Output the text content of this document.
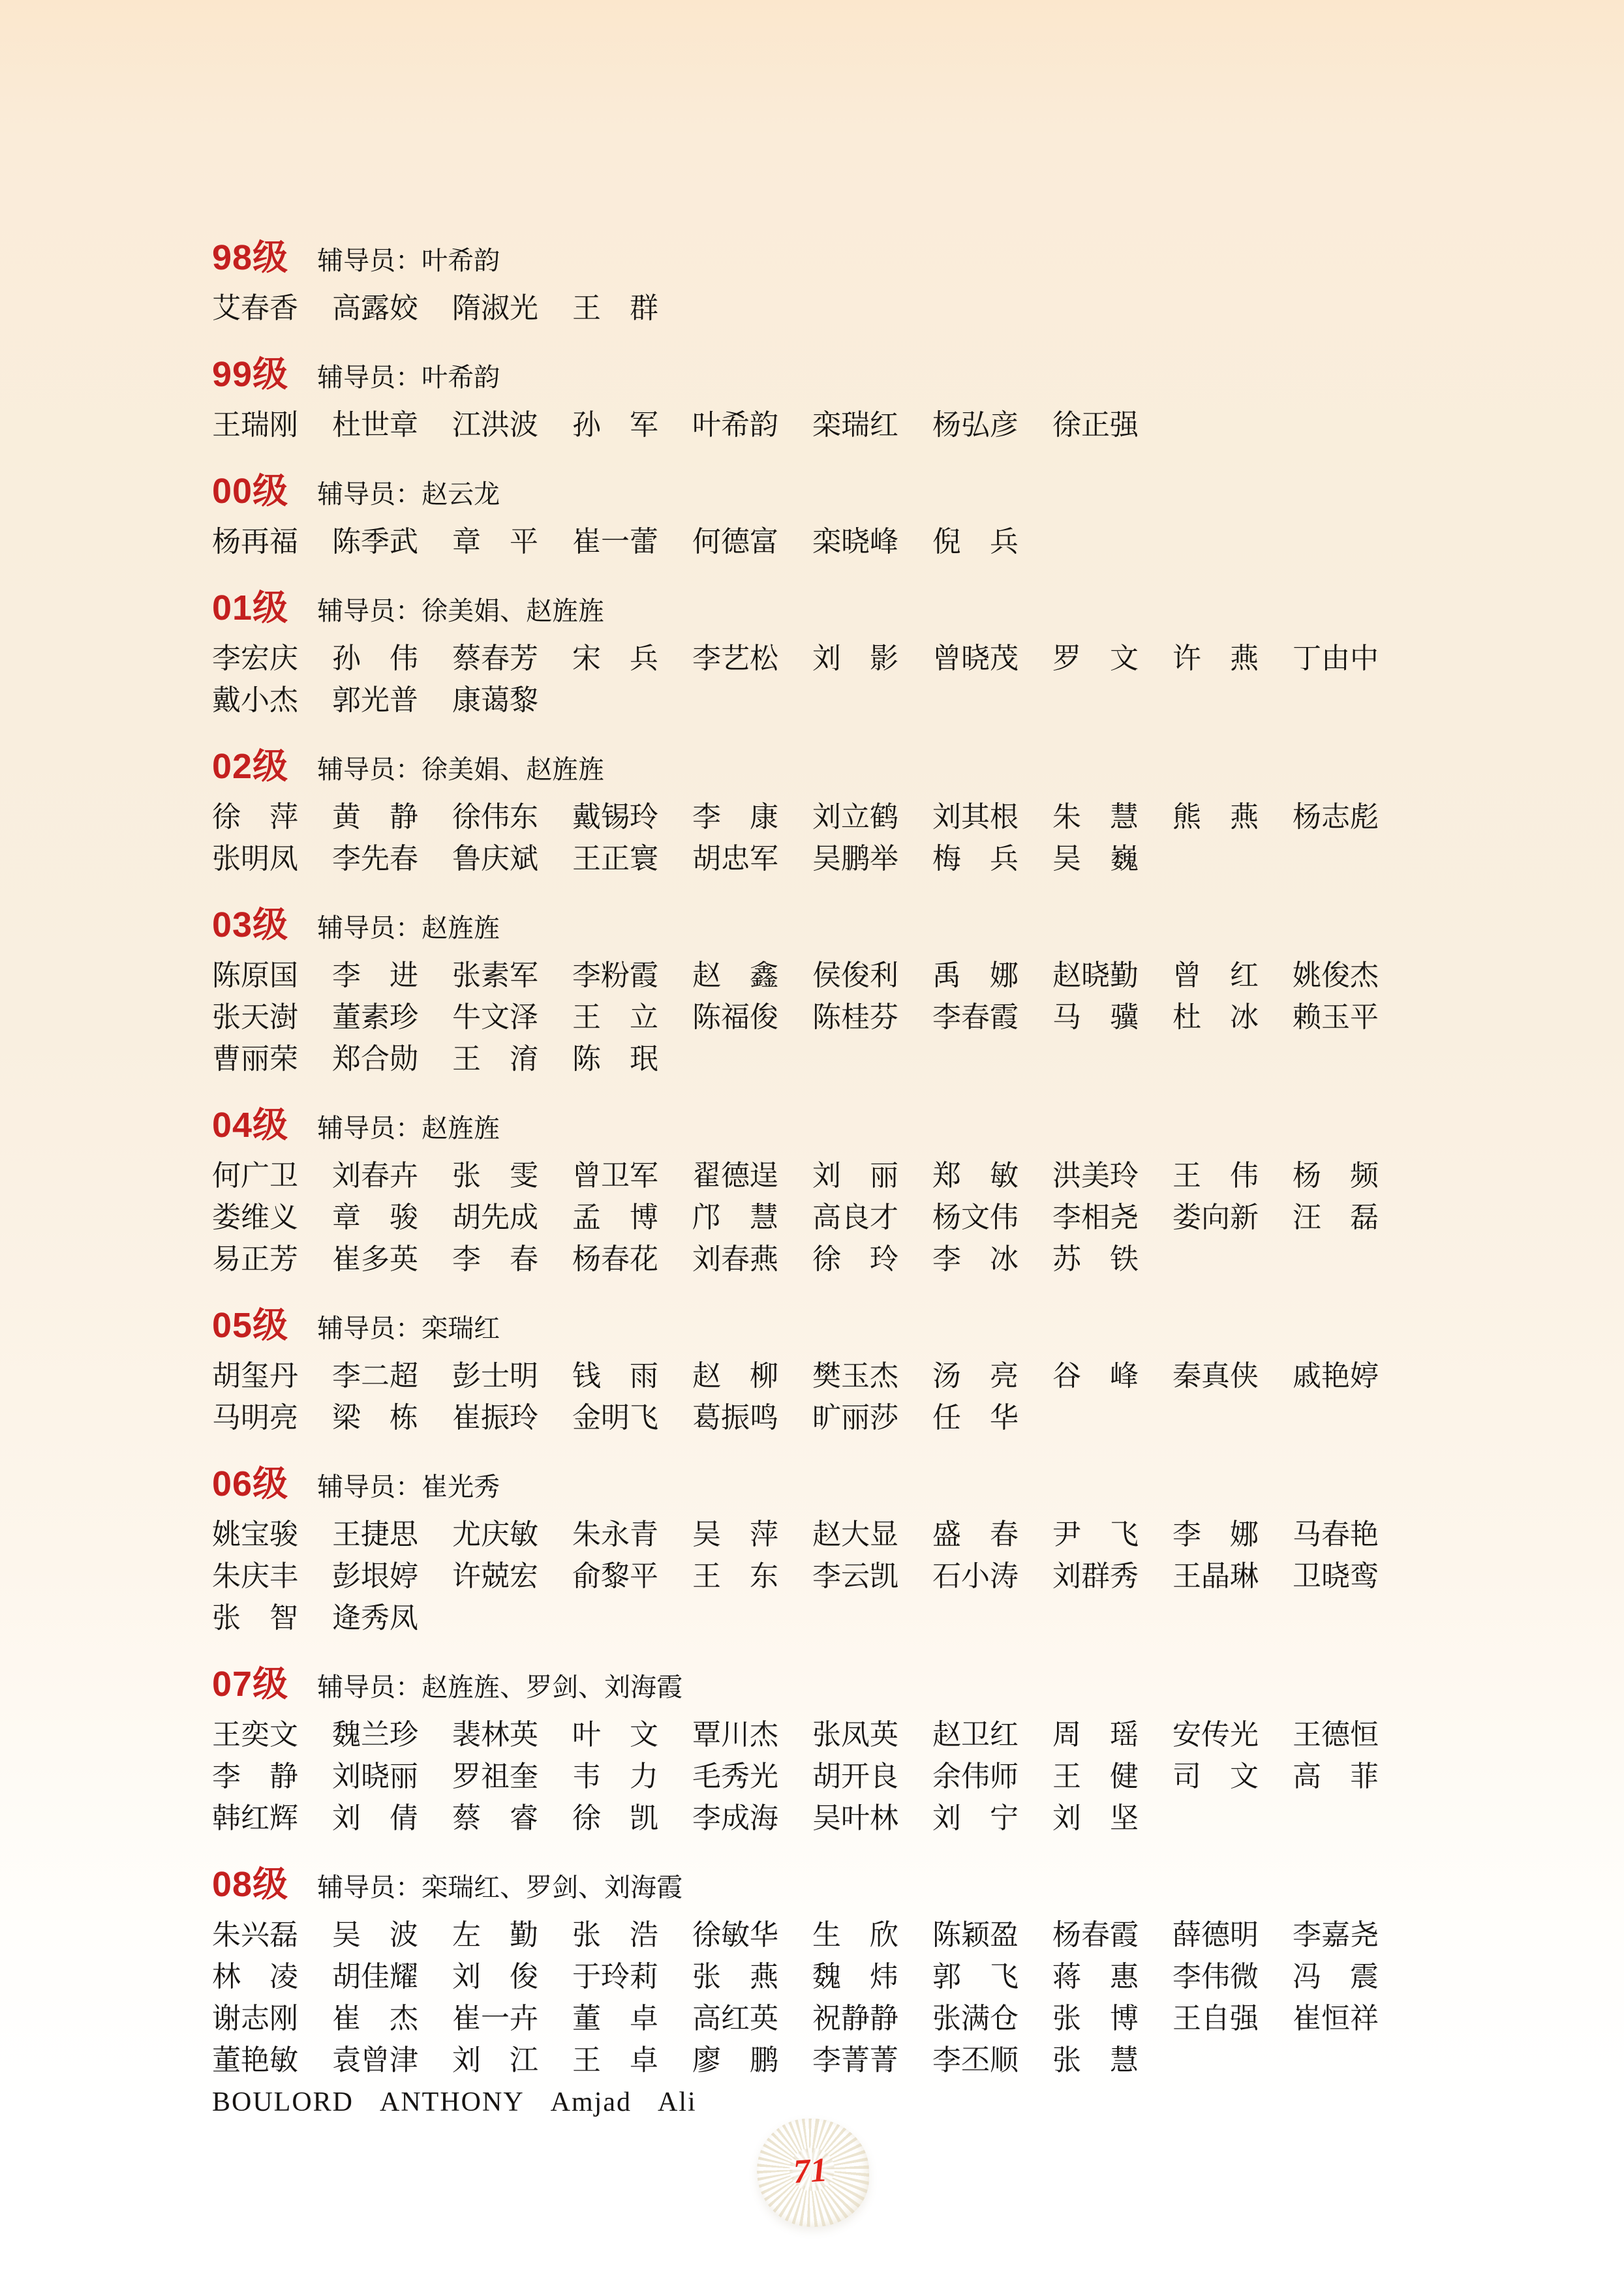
98级 辅导员：叶希韵
艾春香 高露姣 隋淑光 王　群
99级 辅导员：叶希韵
王瑞刚 杜世章 江洪波 孙　军 叶希韵 栾瑞红 杨弘彦 徐正强
00级 辅导员：赵云龙
杨再福 陈季武 章　平 崔一蕾 何德富 栾晓峰 倪　兵
01级 辅导员：徐美娟、赵旌旌
李宏庆 孙　伟 蔡春芳 宋　兵 李艺松 刘　影 曾晓茂 罗　文 许　燕 丁由中
戴小杰 郭光普 康蔼黎
02级 辅导员：徐美娟、赵旌旌
徐　萍 黄　静 徐伟东 戴锡玲 李　康 刘立鹤 刘其根 朱　慧 熊　燕 杨志彪
张明凤 李先春 鲁庆斌 王正寰 胡忠军 吴鹏举 梅　兵 吴　巍
03级 辅导员：赵旌旌
陈原国 李　进 张素军 李粉霞 赵　鑫 侯俊利 禹　娜 赵晓勤 曾　红 姚俊杰
张天澍 董素珍 牛文泽 王　立 陈福俊 陈桂芬 李春霞 马　骥 杜　冰 赖玉平
曹丽荣 郑合勋 王　淯 陈　珉
04级 辅导员：赵旌旌
何广卫 刘春卉 张　雯 曾卫军 翟德逞 刘　丽 郑　敏 洪美玲 王　伟 杨　频
娄维义 章　骏 胡先成 孟　博 邝　慧 高良才 杨文伟 李相尧 娄向新 汪　磊
易正芳 崔多英 李　春 杨春花 刘春燕 徐　玲 李　冰 苏　铁
05级 辅导员：栾瑞红
胡玺丹 李二超 彭士明 钱　雨 赵　柳 樊玉杰 汤　亮 谷　峰 秦真侠 戚艳婷
马明亮 梁　栋 崔振玲 金明飞 葛振鸣 旷丽莎 任　华
06级 辅导员：崔光秀
姚宝骏 王捷思 尤庆敏 朱永青 吴　萍 赵大显 盛　春 尹　飞 李　娜 马春艳
朱庆丰 彭垠婷 许兢宏 俞黎平 王　东 李云凯 石小涛 刘群秀 王晶琳 卫晓鸾
张　智 逄秀凤
07级 辅导员：赵旌旌、罗剑、刘海霞
王奕文 魏兰珍 裴林英 叶　文 覃川杰 张凤英 赵卫红 周　瑶 安传光 王德恒
李　静 刘晓丽 罗祖奎 韦　力 毛秀光 胡开良 余伟师 王　健 司　文 高　菲
韩红辉 刘　倩 蔡　睿 徐　凯 李成海 吴叶林 刘　宁 刘　坚
08级 辅导员：栾瑞红、罗剑、刘海霞
朱兴磊 吴　波 左　勤 张　浩 徐敏华 生　欣 陈颖盈 杨春霞 薛德明 李嘉尧
林　凌 胡佳耀 刘　俊 于玲莉 张　燕 魏　炜 郭　飞 蒋　惠 李伟微 冯　震
谢志刚 崔　杰 崔一卉 董　卓 高红英 祝静静 张满仓 张　博 王自强 崔恒祥
董艳敏 袁曾津 刘　江 王　卓 廖　鹏 李菁菁 李丕顺 张　慧
BOULORD ANTHONY Amjad Ali
71
